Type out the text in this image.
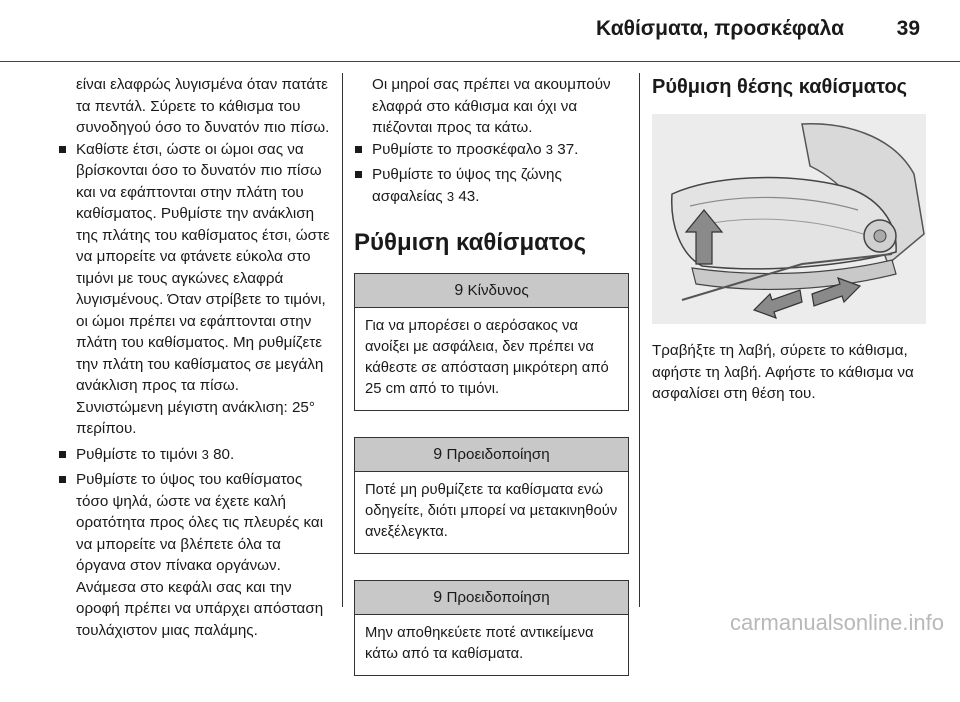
Καθίσματα, προσκέφαλα	39

είναι ελαφρώς λυγισμένα όταν πατάτε τα πεντάλ. Σύρετε το κάθισμα του συνοδηγού όσο το δυνατόν πιο πίσω.

Καθίστε έτσι, ώστε οι ώμοι σας να βρίσκονται όσο το δυνατόν πιο πίσω και να εφάπτονται στην πλάτη του καθίσματος. Ρυθμίστε την ανάκλιση της πλάτης του καθίσματος έτσι, ώστε να μπορείτε να φτάνετε εύκολα στο τιμόνι με τους αγκώνες ελαφρά λυγισμένους. Όταν στρίβετε το τιμόνι, οι ώμοι πρέπει να εφάπτονται στην πλάτη του καθίσματος. Μη ρυθμίζετε την πλάτη του καθίσματος σε μεγάλη ανάκλιση προς τα πίσω. Συνιστώμενη μέγιστη ανάκλιση: 25° περίπου.
Ρυθμίστε το τιμόνι 3 80.
Ρυθμίστε το ύψος του καθίσματος τόσο ψηλά, ώστε να έχετε καλή ορατότητα προς όλες τις πλευρές και να μπορείτε να βλέπετε όλα τα όργανα στον πίνακα οργάνων. Ανάμεσα στο κεφάλι σας και την οροφή πρέπει να υπάρχει απόσταση τουλάχιστον μιας παλάμης.

Οι μηροί σας πρέπει να ακουμπούν ελαφρά στο κάθισμα και όχι να πιέζονται προς τα κάτω.

Ρυθμίστε το προσκέφαλο 3 37.
Ρυθμίστε το ύψος της ζώνης ασφαλείας 3 43.
Ρύθμιση καθίσματος
9 Κίνδυνος
Για να μπορέσει ο αερόσακος να ανοίξει με ασφάλεια, δεν πρέπει να κάθεστε σε απόσταση μικρότερη από 25 cm από το τιμόνι.
9 Προειδοποίηση
Ποτέ μη ρυθμίζετε τα καθίσματα ενώ οδηγείτε, διότι μπορεί να μετακινηθούν ανεξέλεγκτα.
9 Προειδοποίηση
Μην αποθηκεύετε ποτέ αντικείμενα κάτω από τα καθίσματα.
Ρύθμιση θέσης καθίσματος

Τραβήξτε τη λαβή, σύρετε το κάθισμα, αφήστε τη λαβή. Αφήστε το κάθισμα να ασφαλίσει στη θέση του.

carmanualsonline.info
